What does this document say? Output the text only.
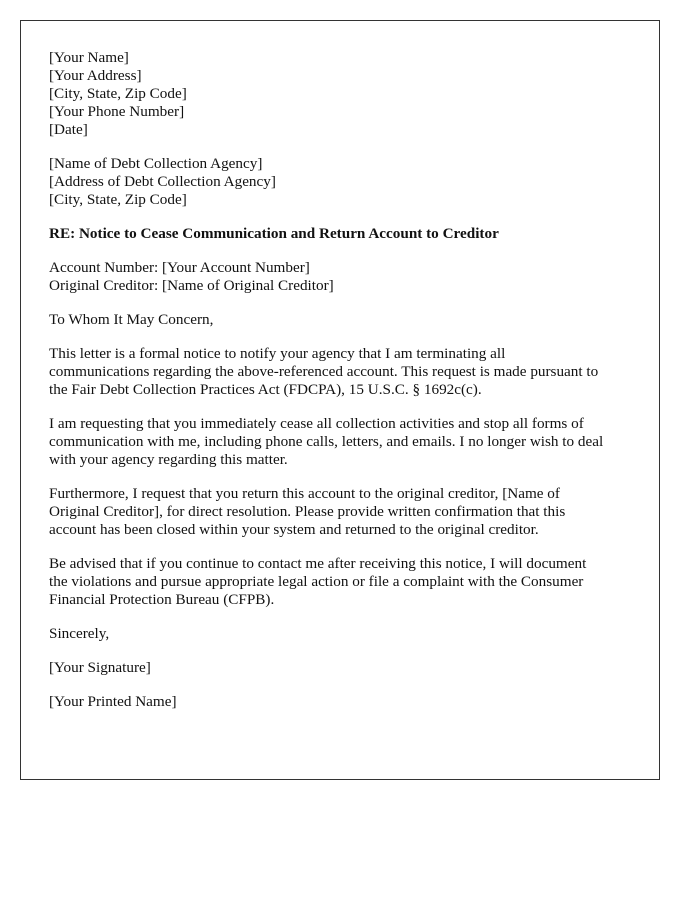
[Your Name]
[Your Address]
[City, State, Zip Code]
[Your Phone Number]
[Date]
[Name of Debt Collection Agency]
[Address of Debt Collection Agency]
[City, State, Zip Code]
RE: Notice to Cease Communication and Return Account to Creditor
Account Number: [Your Account Number]
Original Creditor: [Name of Original Creditor]
To Whom It May Concern,

This letter is a formal notice to notify your agency that I am terminating all
communications regarding the above-referenced account. This request is made pursuant to
the Fair Debt Collection Practices Act (FDCPA), 15 U.S.C. § 1692c(c).

I am requesting that you immediately cease all collection activities and stop all forms of
communication with me, including phone calls, letters, and emails. I no longer wish to deal
with your agency regarding this matter.

Furthermore, I request that you return this account to the original creditor, [Name of
Original Creditor], for direct resolution. Please provide written confirmation that this
account has been closed within your system and returned to the original creditor.

Be advised that if you continue to contact me after receiving this notice, I will document
the violations and pursue appropriate legal action or file a complaint with the Consumer
Financial Protection Bureau (CFPB).

Sincerely,
[Your Signature]
[Your Printed Name]
